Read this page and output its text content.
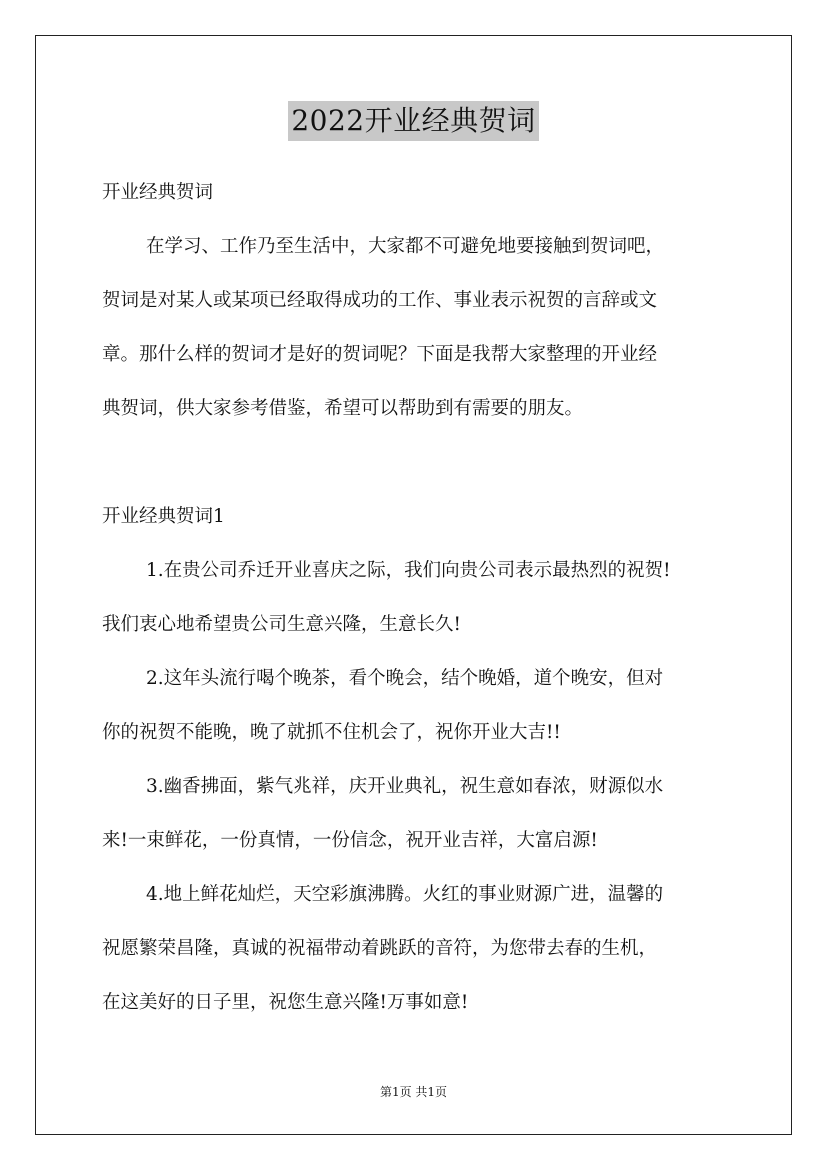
2022开业经典贺词
开业经典贺词
在学习、工作乃至生活中，大家都不可避免地要接触到贺词吧，
贺词是对某人或某项已经取得成功的工作、事业表示祝贺的言辞或文
章。那什么样的贺词才是好的贺词呢？下面是我帮大家整理的开业经
典贺词，供大家参考借鉴，希望可以帮助到有需要的朋友。
开业经典贺词1
1.在贵公司乔迁开业喜庆之际，我们向贵公司表示最热烈的祝贺!
我们衷心地希望贵公司生意兴隆，生意长久!
2.这年头流行喝个晚茶，看个晚会，结个晚婚，道个晚安，但对
你的祝贺不能晚，晚了就抓不住机会了，祝你开业大吉!!
3.幽香拂面，紫气兆祥，庆开业典礼，祝生意如春浓，财源似水
来!一束鲜花，一份真情，一份信念，祝开业吉祥，大富启源!
4.地上鲜花灿烂，天空彩旗沸腾。火红的事业财源广进，温馨的
祝愿繁荣昌隆，真诚的祝福带动着跳跃的音符，为您带去春的生机，
在这美好的日子里，祝您生意兴隆!万事如意!
第1页 共1页
